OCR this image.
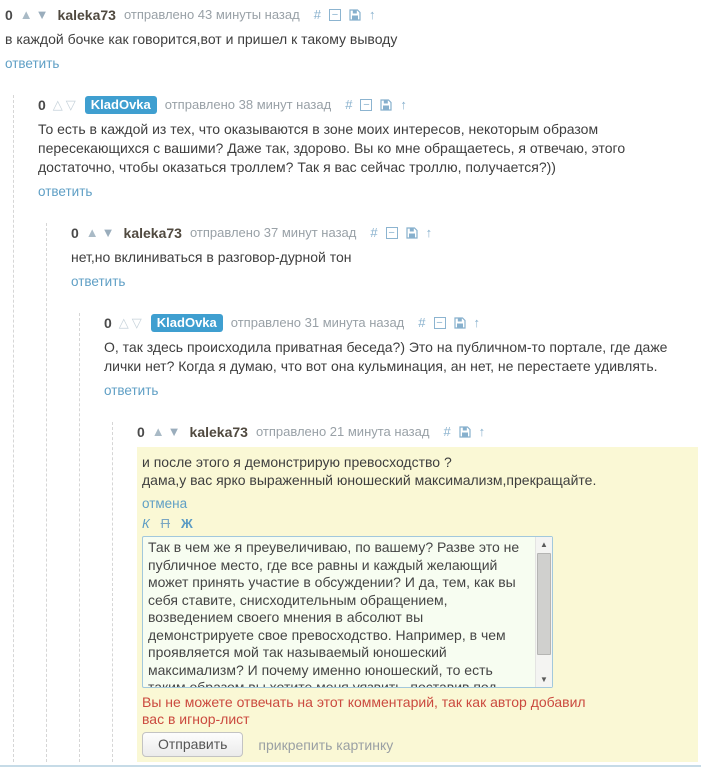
0 ▲ ▼ kaleka73 отправлено 43 минуты назад # − ↑
в каждой бочке как говорится,вот и пришел к такому выводу
ответить
0 △ ▽	KladOvka	отправлено 38 минут назад # − ↑
То есть в каждой из тех, что оказываются в зоне моих интересов, некоторым образом пересекающихся с вашими? Даже так, здорово. Вы ко мне обращаетесь, я отвечаю, этого достаточно, чтобы оказаться троллем? Так я вас сейчас троллю, получается?))
ответить
0 ▲ ▼ kaleka73 отправлено 37 минут назад # − ↑
нет,но вклиниваться в разговор-дурной тон
ответить
0 △ ▽	KladOvka	отправлено 31 минута назад # − ↑
О, так здесь происходила приватная беседа?) Это на публичном-то портале, где даже лички нет? Когда я думаю, что вот она кульминация, ан нет, не перестаете удивлять.
ответить
0 ▲ ▼ kaleka73 отправлено 21 минута назад # ↑
и после этого я демонстрирую превосходство ?
дама,у вас ярко выраженный юношеский максимализм,прекращайте.
отмена
К П Ж
Так в чем же я преувеличиваю, по вашему? Разве это не публичное место, где все равны и каждый желающий может принять участие в обсуждении? И да, тем, как вы себя ставите, снисходительным обращением, возведением своего мнения в абсолют вы демонстрируете свое превосходство. Например, в чем проявляется мой так называемый юношеский максимализм? И почему именно юношеский, то есть таким образом вы хотите меня уязвить, поставив под сомнение зрелость суждений?
▲
▼
Вы не можете отвечать на этот комментарий, так как автор добавил вас в игнор-лист
Отправить	прикрепить картинку
